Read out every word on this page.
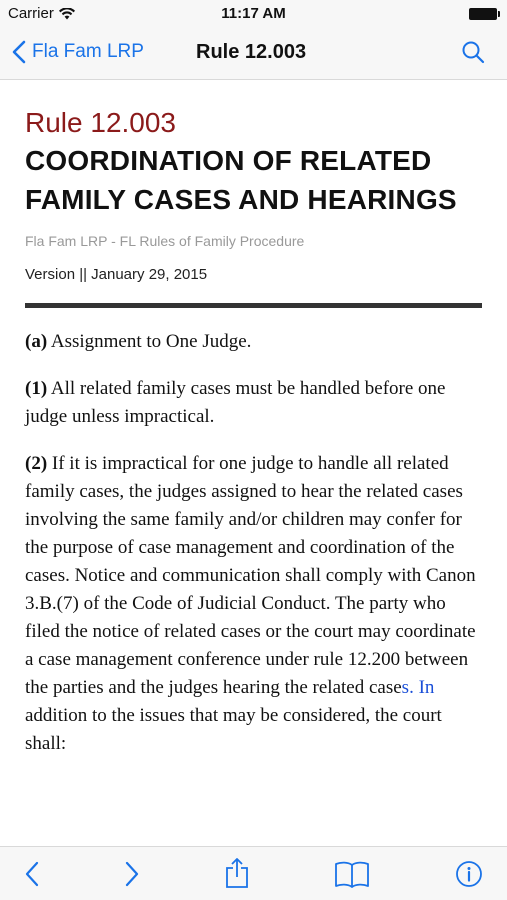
Carrier	11:17 AM
Fla Fam LRP	Rule 12.003
Rule 12.003
COORDINATION OF RELATED FAMILY CASES AND HEARINGS
Fla Fam LRP - FL Rules of Family Procedure
Version || January 29, 2015

(a) Assignment to One Judge.

(1) All related family cases must be handled before one judge unless impractical.

(2) If it is impractical for one judge to handle all related family cases, the judges assigned to hear the related cases involving the same family and/or children may confer for the purpose of case management and coordination of the cases. Notice and communication shall comply with Canon 3.B.(7) of the Code of Judicial Conduct. The party who filed the notice of related cases or the court may coordinate a case management conference under rule 12.200 between the parties and the judges hearing the related cases. In addition to the issues that may be considered, the court shall:
